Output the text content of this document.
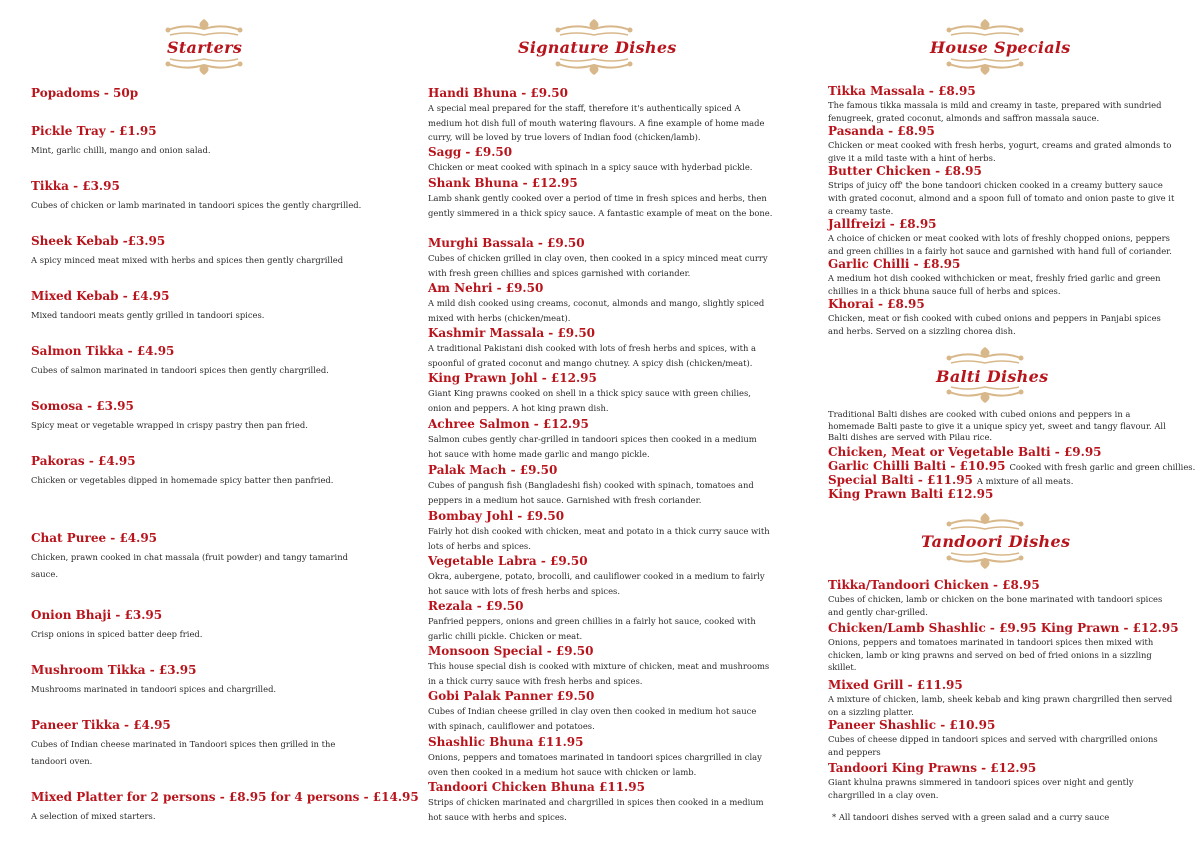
Starters
Popadoms - 50p
Pickle Tray - £1.95
Mint, garlic chilli, mango and onion salad.
Tikka - £3.95
Cubes of chicken or lamb marinated in tandoori spices the gently chargrilled.
Sheek Kebab -£3.95
A spicy minced meat mixed with herbs and spices then gently chargrilled
Mixed Kebab - £4.95
Mixed tandoori meats gently grilled in tandoori spices.
Salmon Tikka - £4.95
Cubes of salmon marinated in tandoori spices then gently chargrilled.
Somosa - £3.95
Spicy meat or vegetable wrapped in crispy pastry then pan fried.
Pakoras - £4.95
Chicken or vegetables dipped in homemade spicy batter then panfried.
Chat Puree - £4.95
Chicken, prawn cooked in chat massala (fruit powder) and tangy tamarind sauce.
Onion Bhaji - £3.95
Crisp onions in spiced batter deep fried.
Mushroom Tikka - £3.95
Mushrooms marinated in tandoori spices and chargrilled.
Paneer Tikka - £4.95
Cubes of Indian cheese marinated in Tandoori spices then grilled in the tandoori oven.
Mixed Platter for 2 persons - £8.95 for 4 persons - £14.95
A selection of mixed starters.
Signature Dishes
Handi Bhuna - £9.50
A special meal prepared for the staff, therefore it's authentically spiced A medium hot dish full of mouth watering flavours. A fine example of home made curry, will be loved by true lovers of Indian food (chicken/lamb).
Sagg - £9.50
Chicken or meat cooked with spinach in a spicy sauce with hyderbad pickle.
Shank Bhuna - £12.95
Lamb shank gently cooked over a period of time in fresh spices and herbs, then gently simmered in a thick spicy sauce. A fantastic example of meat on the bone.
Murghi Bassala - £9.50
Cubes of chicken grilled in clay oven, then cooked in a spicy minced meat curry with fresh green chillies and spices garnished with coriander.
Am Nehri - £9.50
A mild dish cooked using creams, coconut, almonds and mango, slightly spiced mixed with herbs (chicken/meat).
Kashmir Massala - £9.50
A traditional Pakistani dish cooked with lots of fresh herbs and spices, with a spoonful of grated coconut and mango chutney. A spicy dish (chicken/meat).
King Prawn Johl - £12.95
Giant King prawns cooked on shell in a thick spicy sauce with green chilies, onion and peppers. A hot king prawn dish.
Achree Salmon - £12.95
Salmon cubes gently char-grilled in tandoori spices then cooked in a medium hot sauce with home made garlic and mango pickle.
Palak Mach - £9.50
Cubes of pangush fish (Bangladeshi fish) cooked with spinach, tomatoes and peppers in a medium hot sauce. Garnished with fresh coriander.
Bombay Johl - £9.50
Fairly hot dish cooked with chicken, meat and potato in a thick curry sauce with lots of herbs and spices.
Vegetable Labra - £9.50
Okra, aubergene, potato, brocolli, and cauliflower cooked in a medium to fairly hot sauce with lots of fresh herbs and spices.
Rezala - £9.50
Panfried peppers, onions and green chillies in a fairly hot sauce, cooked with garlic chilli pickle. Chicken or meat.
Monsoon Special - £9.50
This house special dish is cooked with mixture of chicken, meat and mushrooms in a thick curry sauce with fresh herbs and spices.
Gobi Palak Panner £9.50
Cubes of Indian cheese grilled in clay oven then cooked in medium hot sauce with spinach, cauliflower and potatoes.
Shashlic Bhuna £11.95
Onions, peppers and tomatoes marinated in tandoori spices chargrilled in clay oven then cooked in a medium hot sauce with chicken or lamb.
Tandoori Chicken Bhuna £11.95
Strips of chicken marinated and chargrilled in spices then cooked in a medium hot sauce with herbs and spices.
House Specials
Balti Dishes
Traditional Balti dishes are cooked with cubed onions and peppers in a homemade Balti paste to give it a unique spicy yet, sweet and tangy flavour. All Balti dishes are served with Pilau rice.
Tandoori Dishes
* All tandoori dishes served with a green salad and a curry sauce
Tikka Massala - £8.95
The famous tikka massala is mild and creamy in taste, prepared with sundried fenugreek, grated coconut, almonds and saffron massala sauce.
Pasanda - £8.95
Chicken or meat cooked with fresh herbs, yogurt, creams and grated almonds to give it a mild taste with a hint of herbs.
Butter Chicken - £8.95
Strips of juicy off' the bone tandoori chicken cooked in a creamy buttery sauce with grated coconut, almond and a spoon full of tomato and onion paste to give it a creamy taste.
Jallfreizi - £8.95
A choice of chicken or meat cooked with lots of freshly chopped onions, peppers and green chillies in a fairly hot sauce and garnished with hand full of coriander.
Garlic Chilli - £8.95
A medium hot dish cooked withchicken or meat, freshly fried garlic and green chillies in a thick bhuna sauce full of herbs and spices.
Khorai - £8.95
Chicken, meat or fish cooked with cubed onions and peppers in Panjabi spices and herbs. Served on a sizzling chorea dish.
Chicken, Meat or Vegetable Balti - £9.95
Garlic Chilli Balti - £10.95 Cooked with fresh garlic and green chillies.
Special Balti - £11.95 A mixture of all meats.
King Prawn Balti £12.95
Tikka/Tandoori Chicken - £8.95
Cubes of chicken, lamb or chicken on the bone marinated with tandoori spices and gently char-grilled.
Chicken/Lamb Shashlic - £9.95 King Prawn - £12.95
Onions, peppers and tomatoes marinated in tandoori spices then mixed with chicken, lamb or king prawns and served on bed of fried onions in a sizzling skillet.
Mixed Grill - £11.95
A mixture of chicken, lamb, sheek kebab and king prawn chargrilled then served on a sizzling platter.
Paneer Shashlic - £10.95
Cubes of cheese dipped in tandoori spices and served with chargrilled onions and peppers
Tandoori King Prawns - £12.95
Giant khulna prawns simmered in tandoori spices over night and gently chargrilled in a clay oven.
